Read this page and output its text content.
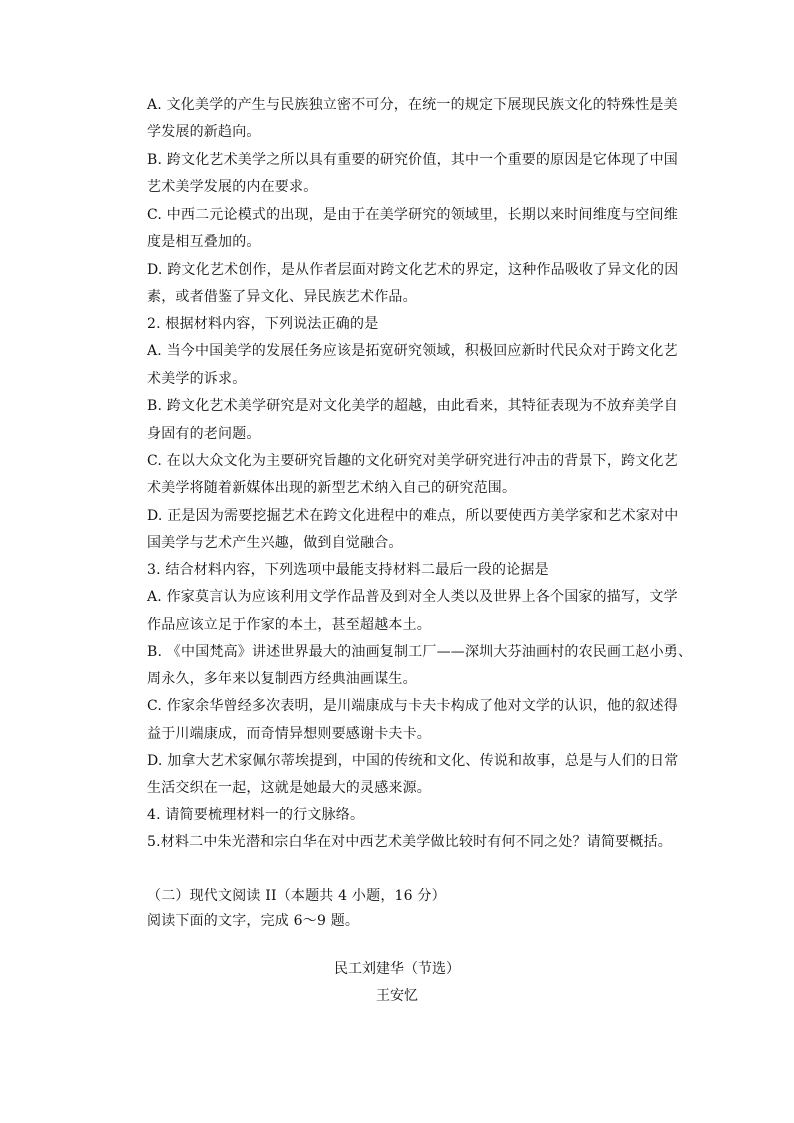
A. 文化美学的产生与民族独立密不可分，在统一的规定下展现民族文化的特殊性是美
学发展的新趋向。
B. 跨文化艺术美学之所以具有重要的研究价值，其中一个重要的原因是它体现了中国
艺术美学发展的内在要求。
C. 中西二元论模式的出现，是由于在美学研究的领域里，长期以来时间维度与空间维
度是相互叠加的。
D. 跨文化艺术创作，是从作者层面对跨文化艺术的界定，这种作品吸收了异文化的因
素，或者借鉴了异文化、异民族艺术作品。
2. 根据材料内容，下列说法正确的是
A. 当今中国美学的发展任务应该是拓宽研究领域，积极回应新时代民众对于跨文化艺
术美学的诉求。
B. 跨文化艺术美学研究是对文化美学的超越，由此看来，其特征表现为不放弃美学自
身固有的老问题。
C. 在以大众文化为主要研究旨趣的文化研究对美学研究进行冲击的背景下，跨文化艺
术美学将随着新媒体出现的新型艺术纳入自己的研究范围。
D. 正是因为需要挖掘艺术在跨文化进程中的难点，所以要使西方美学家和艺术家对中
国美学与艺术产生兴趣，做到自觉融合。
3. 结合材料内容，下列选项中最能支持材料二最后一段的论据是
A. 作家莫言认为应该利用文学作品普及到对全人类以及世界上各个国家的描写，文学
作品应该立足于作家的本土，甚至超越本土。
B. 《中国梵高》讲述世界最大的油画复制工厂——深圳大芬油画村的农民画工赵小勇、
周永久，多年来以复制西方经典油画谋生。
C. 作家余华曾经多次表明，是川端康成与卡夫卡构成了他对文学的认识，他的叙述得
益于川端康成，而奇情异想则要感谢卡夫卡。
D. 加拿大艺术家佩尔蒂埃提到，中国的传统和文化、传说和故事，总是与人们的日常
生活交织在一起，这就是她最大的灵感来源。
4. 请简要梳理材料一的行文脉络。
5.材料二中朱光潜和宗白华在对中西艺术美学做比较时有何不同之处？请简要概括。
（二）现代文阅读 II（本题共 4 小题，16 分）
阅读下面的文字，完成 6～9 题。
民工刘建华（节选）
王安忆
